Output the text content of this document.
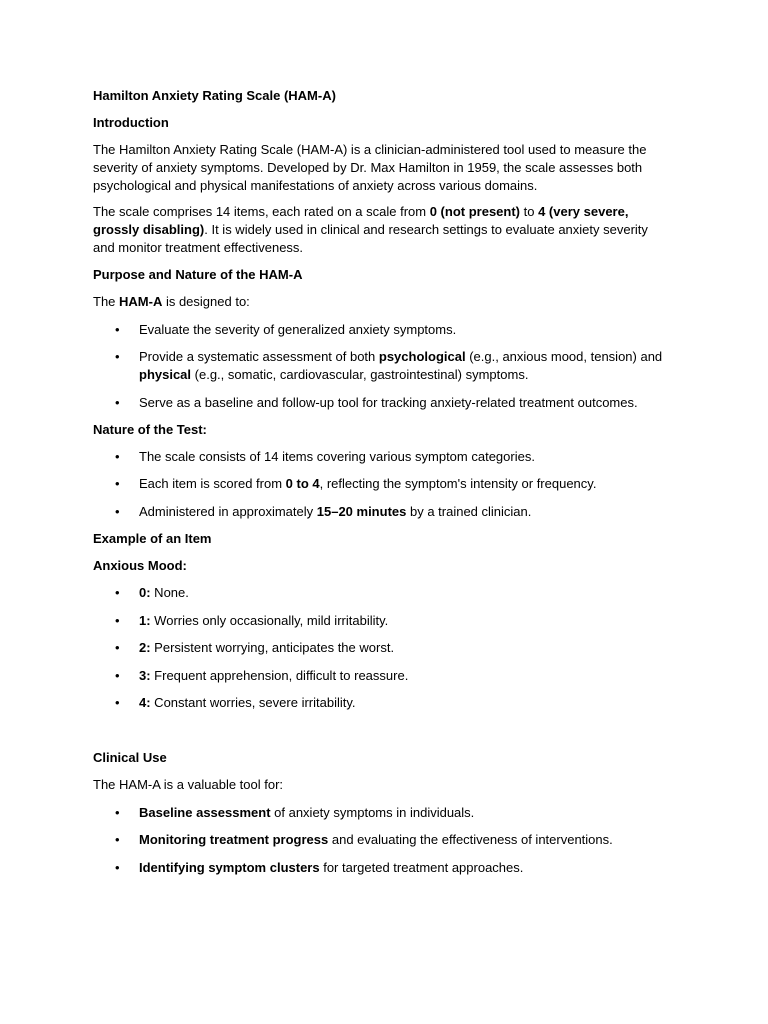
Hamilton Anxiety Rating Scale (HAM-A)

Introduction

The Hamilton Anxiety Rating Scale (HAM-A) is a clinician-administered tool used to measure the severity of anxiety symptoms. Developed by Dr. Max Hamilton in 1959, the scale assesses both psychological and physical manifestations of anxiety across various domains.

The scale comprises 14 items, each rated on a scale from 0 (not present) to 4 (very severe, grossly disabling). It is widely used in clinical and research settings to evaluate anxiety severity and monitor treatment effectiveness.

Purpose and Nature of the HAM-A

The HAM-A is designed to:

• Evaluate the severity of generalized anxiety symptoms.

• Provide a systematic assessment of both psychological (e.g., anxious mood, tension) and physical (e.g., somatic, cardiovascular, gastrointestinal) symptoms.

• Serve as a baseline and follow-up tool for tracking anxiety-related treatment outcomes.

Nature of the Test:

• The scale consists of 14 items covering various symptom categories.

• Each item is scored from 0 to 4, reflecting the symptom's intensity or frequency.

• Administered in approximately 15–20 minutes by a trained clinician.

Example of an Item

Anxious Mood:

• 0: None.

• 1: Worries only occasionally, mild irritability.

• 2: Persistent worrying, anticipates the worst.

• 3: Frequent apprehension, difficult to reassure.

• 4: Constant worries, severe irritability.

Clinical Use

The HAM-A is a valuable tool for:

• Baseline assessment of anxiety symptoms in individuals.

• Monitoring treatment progress and evaluating the effectiveness of interventions.

• Identifying symptom clusters for targeted treatment approaches.
